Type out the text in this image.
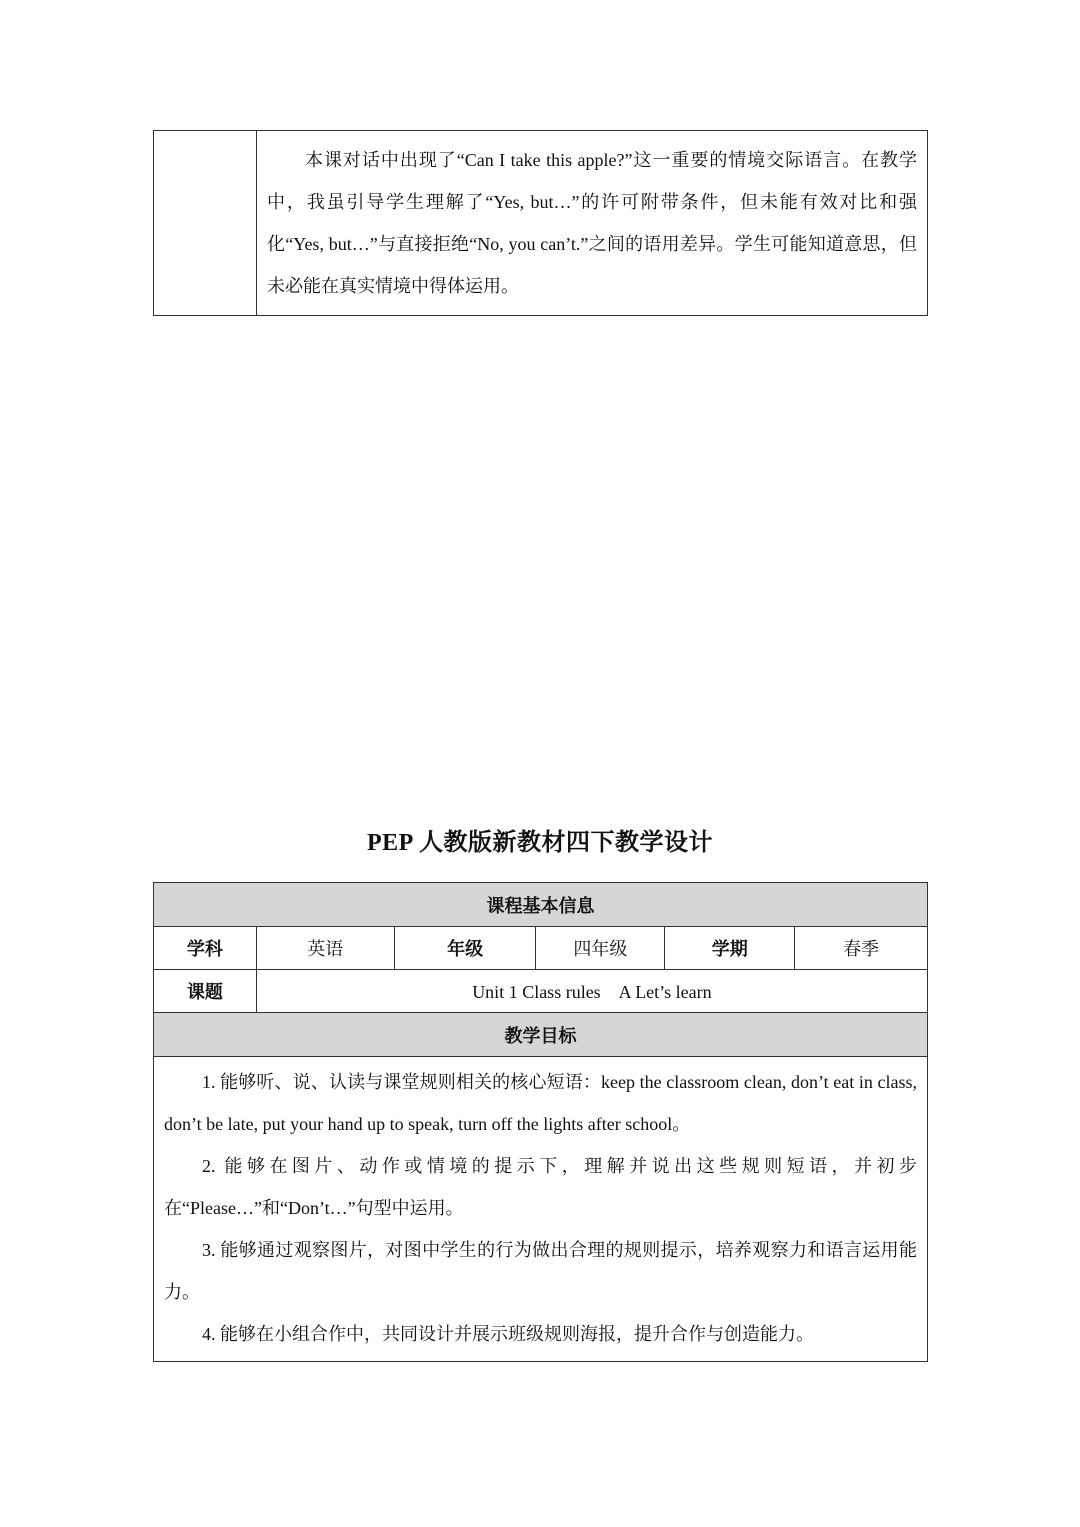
本课对话中出现了“Can I take this apple?”这一重要的情境交际语言。在教学中，我虽引导学生理解了“Yes, but…”的许可附带条件，但未能有效对比和强化“Yes, but…”与直接拒绝“No, you can’t.”之间的语用差异。学生可能知道意思，但未必能在真实情境中得体运用。

PEP 人教版新教材四下教学设计
课程基本信息					
学科	英语	年级	四年级	学期	春季
课题	Unit 1 Class rules　A Let’s learn				
教学目标					

1. 能够听、说、认读与课堂规则相关的核心短语：keep the classroom clean, don’t eat in class, don’t be late, put your hand up to speak, turn off the lights after school。

2. 能够在图片、动作或情境的提示下，理解并说出这些规则短语，并初步在“Please…”和“Don’t…”句型中运用。

3. 能够通过观察图片，对图中学生的行为做出合理的规则提示，培养观察力和语言运用能力。

4. 能够在小组合作中，共同设计并展示班级规则海报，提升合作与创造能力。					
